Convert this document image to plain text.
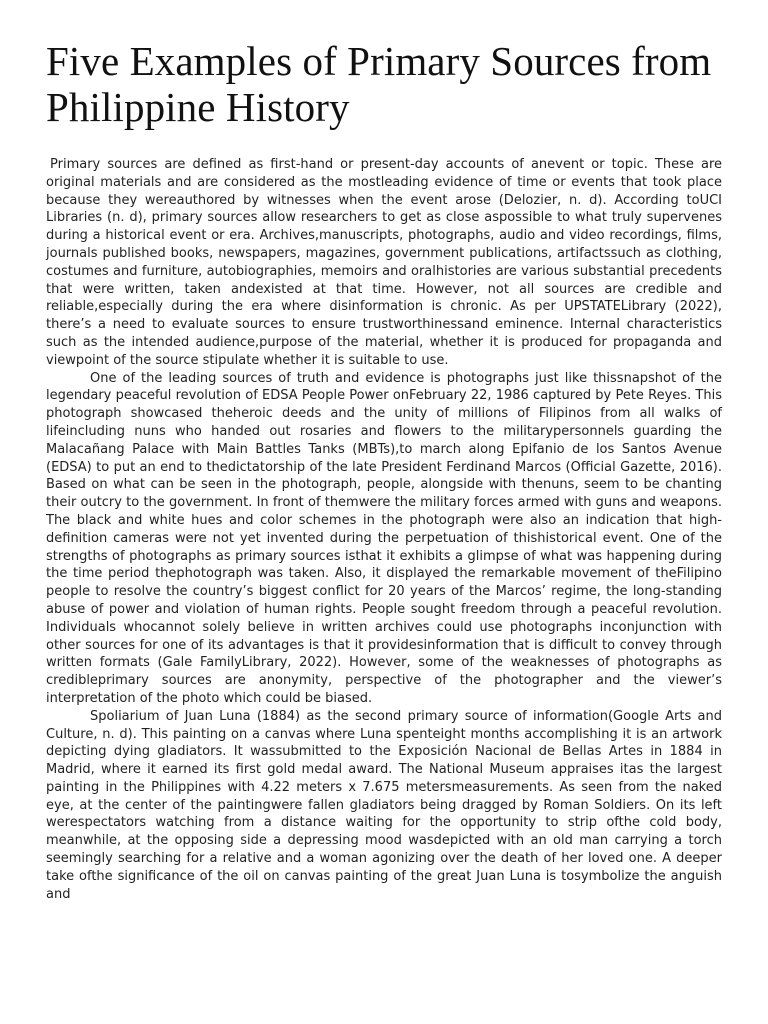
Five Examples of Primary Sources from Philippine History

Primary sources are defined as first-hand or present-day accounts of anevent or topic. These are original materials and are considered as the mostleading evidence of time or events that took place because they wereauthored by witnesses when the event arose (Delozier, n. d). According toUCI Libraries (n. d), primary sources allow researchers to get as close aspossible to what truly supervenes during a historical event or era. Archives,manuscripts, photographs, audio and video recordings, films, journals published books, newspapers, magazines, government publications, artifactssuch as clothing, costumes and furniture, autobiographies, memoirs and oralhistories are various substantial precedents that were written, taken andexisted at that time. However, not all sources are credible and reliable,especially during the era where disinformation is chronic. As per UPSTATELibrary (2022), there’s a need to evaluate sources to ensure trustworthinessand eminence. Internal characteristics such as the intended audience,purpose of the material, whether it is produced for propaganda and viewpoint of the source stipulate whether it is suitable to use.

One of the leading sources of truth and evidence is photographs just like thissnapshot of the legendary peaceful revolution of EDSA People Power onFebruary 22, 1986 captured by Pete Reyes. This photograph showcased theheroic deeds and the unity of millions of Filipinos from all walks of lifeincluding nuns who handed out rosaries and flowers to the militarypersonnels guarding the Malacañang Palace with Main Battles Tanks (MBTs),to march along Epifanio de los Santos Avenue (EDSA) to put an end to thedictatorship of the late President Ferdinand Marcos (Official Gazette, 2016). Based on what can be seen in the photograph, people, alongside with thenuns, seem to be chanting their outcry to the government. In front of themwere the military forces armed with guns and weapons. The black and white hues and color schemes in the photograph were also an indication that high-definition cameras were not yet invented during the perpetuation of thishistorical event. One of the strengths of photographs as primary sources isthat it exhibits a glimpse of what was happening during the time period thephotograph was taken. Also, it displayed the remarkable movement of theFilipino people to resolve the country’s biggest conflict for 20 years of the Marcos’ regime, the long-standing abuse of power and violation of human rights. People sought freedom through a peaceful revolution. Individuals whocannot solely believe in written archives could use photographs inconjunction with other sources for one of its advantages is that it providesinformation that is difficult to convey through written formats (Gale FamilyLibrary, 2022). However, some of the weaknesses of photographs as credibleprimary sources are anonymity, perspective of the photographer and the viewer’s interpretation of the photo which could be biased.

Spoliarium of Juan Luna (1884) as the second primary source of information(Google Arts and Culture, n. d). This painting on a canvas where Luna spenteight months accomplishing it is an artwork depicting dying gladiators. It wassubmitted to the Exposición Nacional de Bellas Artes in 1884 in Madrid, where it earned its first gold medal award. The National Museum appraises itas the largest painting in the Philippines with 4.22 meters x 7.675 metersmeasurements. As seen from the naked eye, at the center of the paintingwere fallen gladiators being dragged by Roman Soldiers. On its left werespectators watching from a distance waiting for the opportunity to strip ofthe cold body, meanwhile, at the opposing side a depressing mood wasdepicted with an old man carrying a torch seemingly searching for a relative and a woman agonizing over the death of her loved one. A deeper take ofthe significance of the oil on canvas painting of the great Juan Luna is tosymbolize the anguish and
